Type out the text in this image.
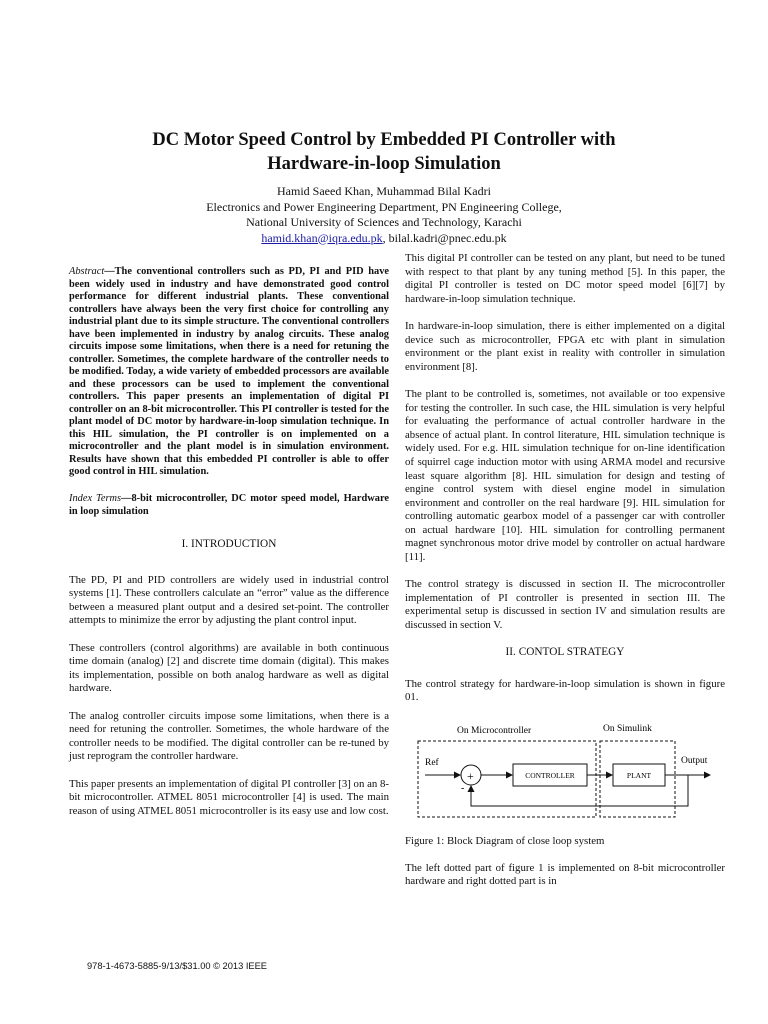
DC Motor Speed Control by Embedded PI Controller with
Hardware-in-loop Simulation
Hamid Saeed Khan, Muhammad Bilal Kadri
Electronics and Power Engineering Department, PN Engineering College,
National University of Sciences and Technology, Karachi
hamid.khan@iqra.edu.pk, bilal.kadri@pnec.edu.pk

Abstract—The conventional controllers such as PD, PI and PID have been widely used in industry and have demonstrated good control performance for different industrial plants. These conventional controllers have always been the very first choice for controlling any industrial plant due to its simple structure. The conventional controllers have been implemented in industry by analog circuits. These analog circuits impose some limitations, when there is a need for retuning the controller. Sometimes, the complete hardware of the controller needs to be modified. Today, a wide variety of embedded processors are available and these processors can be used to implement the conventional controllers. This paper presents an implementation of digital PI controller on an 8-bit microcontroller. This PI controller is tested for the plant model of DC motor by hardware-in-loop simulation technique. In this HIL simulation, the PI controller is on implemented on a microcontroller and the plant model is in simulation environment. Results have shown that this embedded PI controller is able to offer good control in HIL simulation.

Index Terms—8-bit microcontroller, DC motor speed model, Hardware in loop simulation

I. INTRODUCTION

The PD, PI and PID controllers are widely used in industrial control systems [1]. These controllers calculate an “error” value as the difference between a measured plant output and a desired set-point. The controller attempts to minimize the error by adjusting the plant control input.

These controllers (control algorithms) are available in both continuous time domain (analog) [2] and discrete time domain (digital). This makes its implementation, possible on both analog hardware as well as digital hardware.

The analog controller circuits impose some limitations, when there is a need for retuning the controller. Sometimes, the whole hardware of the controller needs to be modified. The digital controller can be re-tuned by just reprogram the controller hardware.

This paper presents an implementation of digital PI controller [3] on an 8-bit microcontroller. ATMEL 8051 microcontroller [4] is used. The main reason of using ATMEL 8051 microcontroller is its easy use and low cost.

This digital PI controller can be tested on any plant, but need to be tuned with respect to that plant by any tuning method [5]. In this paper, the digital PI controller is tested on DC motor speed model [6][7] by hardware-in-loop simulation technique.

In hardware-in-loop simulation, there is either implemented on a digital device such as microcontroller, FPGA etc with plant in simulation environment or the plant exist in reality with controller in simulation environment [8].

The plant to be controlled is, sometimes, not available or too expensive for testing the controller. In such case, the HIL simulation is very helpful for evaluating the performance of actual controller hardware in the absence of actual plant. In control literature, HIL simulation technique is widely used. For e.g. HIL simulation technique for on-line identification of squirrel cage induction motor with using ARMA model and recursive least square algorithm [8]. HIL simulation for design and testing of engine control system with diesel engine model in simulation environment and controller on the real hardware [9]. HIL simulation for controlling automatic gearbox model of a passenger car with controller on actual hardware [10]. HIL simulation for controlling permanent magnet synchronous motor drive model by controller on actual hardware [11].

The control strategy is discussed in section II. The microcontroller implementation of PI controller is presented in section III. The experimental setup is discussed in section IV and simulation results are discussed in section V.

II. CONTOL STRATEGY

The control strategy for hardware-in-loop simulation is shown in figure 01.

On Microcontroller	On Simulink
Ref
+
-
CONTROLLER	PLANT
Output

Figure 1: Block Diagram of close loop system

The left dotted part of figure 1 is implemented on 8-bit microcontroller hardware and right dotted part is in

978-1-4673-5885-9/13/$31.00 © 2013 IEEE
